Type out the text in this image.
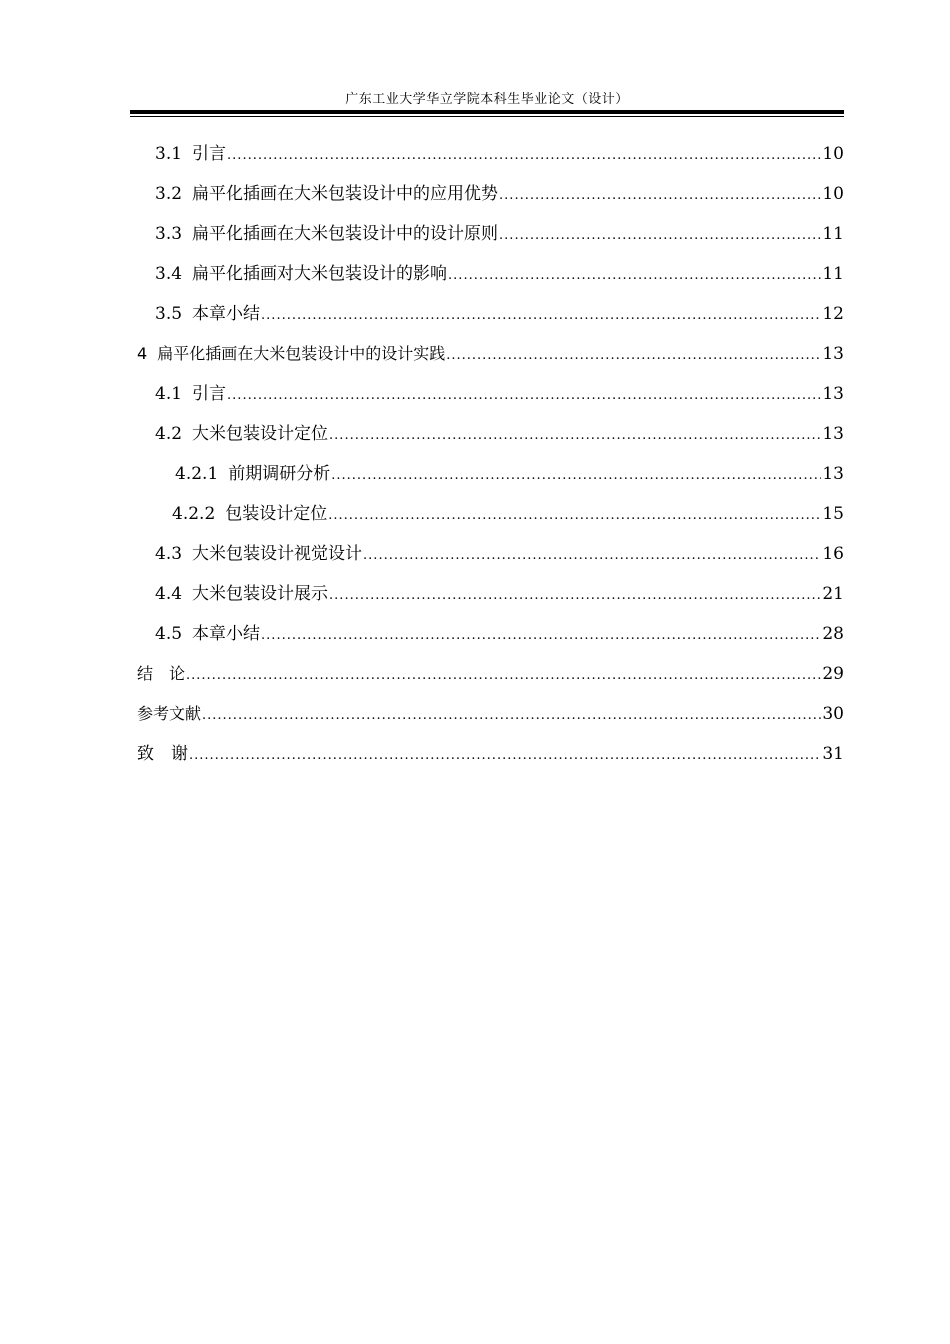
广东工业大学华立学院本科生毕业论文（设计）
3.1 引言 .....	10
3.2 扁平化插画在大米包装设计中的应用优势 .....	10
3.3 扁平化插画在大米包装设计中的设计原则 .....	11
3.4 扁平化插画对大米包装设计的影响 .....	11
3.5 本章小结 .....	12
4 扁平化插画在大米包装设计中的设计实践 .....	13
4.1 引言 .....	13
4.2 大米包装设计定位 .....	13
4.2.1 前期调研分析 .....	13
4.2.2 包装设计定位 .....	15
4.3 大米包装设计视觉设计 .....	16
4.4 大米包装设计展示 .....	21
4.5 本章小结 .....	28
结　论 .....	29
参考文献 .....	30
致　谢 .....	31
